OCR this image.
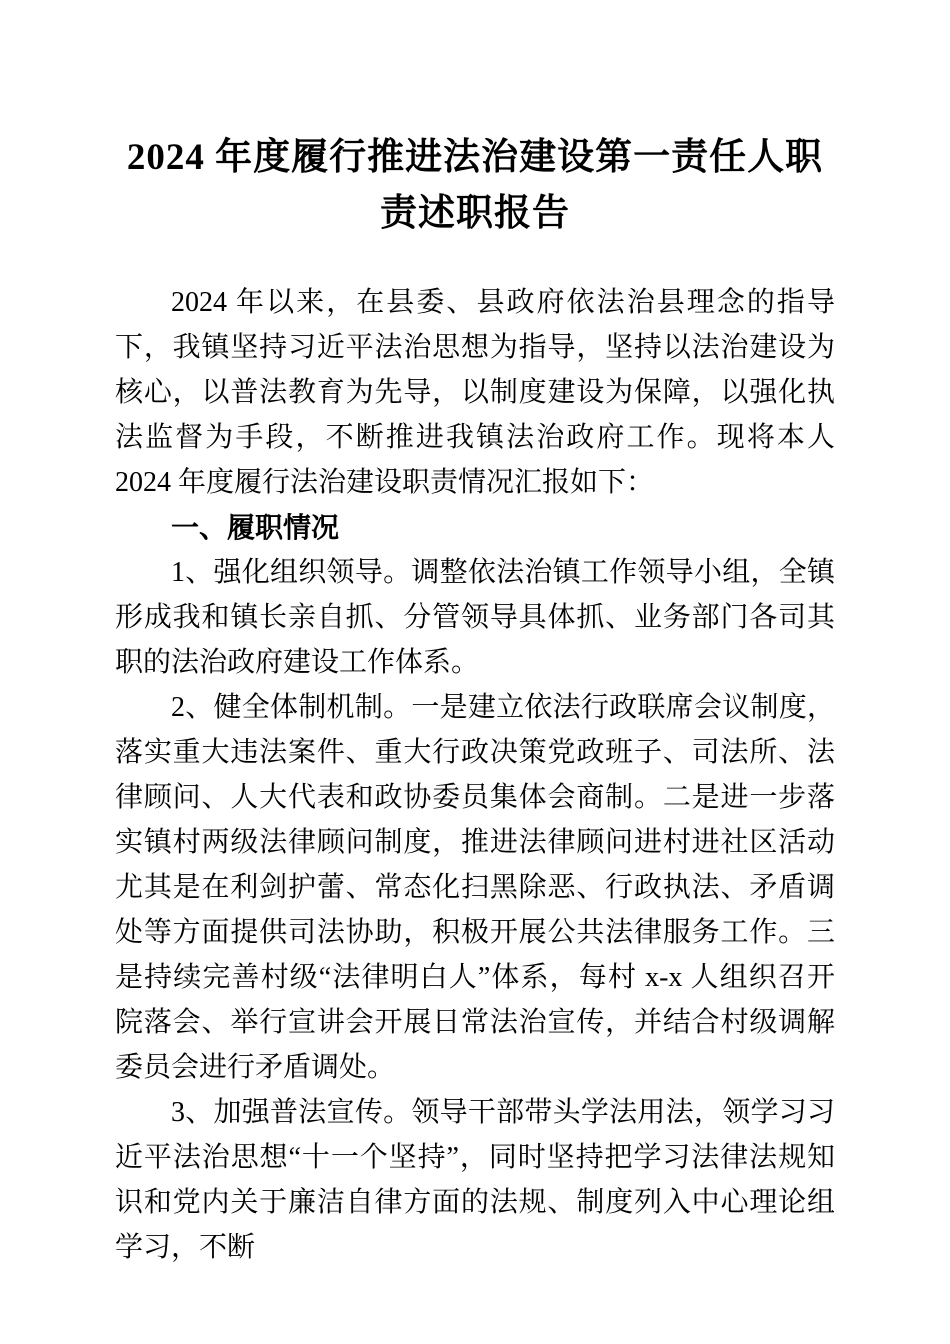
2024 年度履行推进法治建设第一责任人职责述职报告

2024 年以来，在县委、县政府依法治县理念的指导下，我镇坚持习近平法治思想为指导，坚持以法治建设为核心，以普法教育为先导，以制度建设为保障，以强化执法监督为手段，不断推进我镇法治政府工作。现将本人 2024 年度履行法治建设职责情况汇报如下：

一、履职情况

1、强化组织领导。调整依法治镇工作领导小组，全镇形成我和镇长亲自抓、分管领导具体抓、业务部门各司其职的法治政府建设工作体系。

2、健全体制机制。一是建立依法行政联席会议制度，落实重大违法案件、重大行政决策党政班子、司法所、法律顾问、人大代表和政协委员集体会商制。二是进一步落实镇村两级法律顾问制度，推进法律顾问进村进社区活动尤其是在利剑护蕾、常态化扫黑除恶、行政执法、矛盾调处等方面提供司法协助，积极开展公共法律服务工作。三是持续完善村级“法律明白人”体系，每村 x-x 人组织召开院落会、举行宣讲会开展日常法治宣传，并结合村级调解委员会进行矛盾调处。

3、加强普法宣传。领导干部带头学法用法，领学习习近平法治思想“十一个坚持”，同时坚持把学习法律法规知识和党内关于廉洁自律方面的法规、制度列入中心理论组学习，不断
